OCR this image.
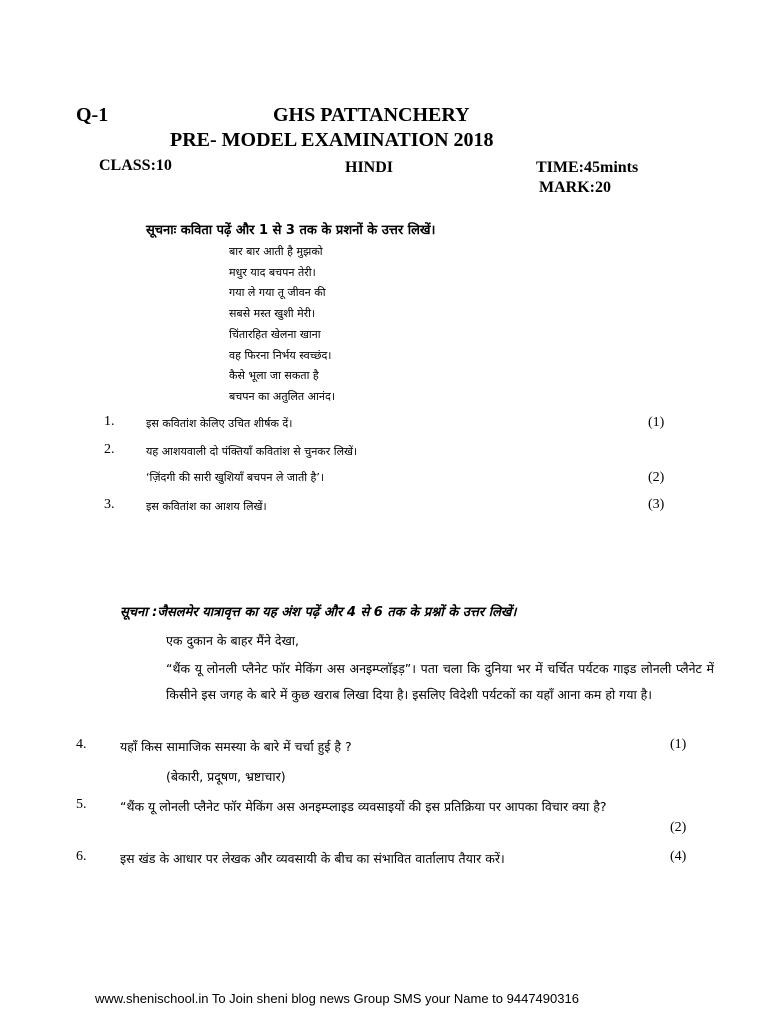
Q-1	GHS PATTANCHERY
PRE- MODEL EXAMINATION 2018
CLASS:10	HINDI	TIME:45mints
MARK:20
सूचनाः कविता पढ़ें और 1 से 3 तक के प्रशनों के उत्तर लिखें।
बार बार आती है मुझको
मधुर याद बचपन तेरी।
गया ले गया तू जीवन की
सबसे मस्त खुशी मेरी।
चिंतारहित खेलना खाना
वह फिरना निर्भय स्वच्छंद।
कैसे भूला जा सकता है
बचपन का अतुलित आनंद।
1.	इस कवितांश केलिए उचित शीर्षक दें।	(1)
2.	यह आशयवाली दो पंक्तियाँ कवितांश से चुनकर लिखें।
‘ज़िंदगी की सारी खुशियाँ बचपन ले जाती है’।	(2)
3.	इस कवितांश का आशय लिखें।	(3)
सूचना :जैसलमेर यात्रावृत्त का यह अंश पढ़ें और 4 से 6 तक के प्रश्नों के उत्तर लिखें।
एक दुकान के बाहर मैंने देखा,
“थैंक यू लोनली प्लैनेट फॉर मेकिंग अस अनइम्प्लाॅइड़”। पता चला कि दुनिया भर में चर्चित पर्यटक गाइड लोनली प्लैनेट में किसीने इस जगह के बारे में कुछ खराब लिखा दिया है। इसलिए विदेशी पर्यटकों का यहाँ आना कम हो गया है।
4.	यहाँ किस सामाजिक समस्या के बारे में चर्चा हुई है ?	(1)
(बेकारी, प्रदूषण, भ्रष्टाचार)
5.	“थैंक यू लोनली प्लैनेट फॉर मेकिंग अस अनइम्प्लाइड व्यवसाइयों की इस प्रतिक्रिया पर आपका विचार क्या है?
(2)
6.	इस खंड के आधार पर लेखक और व्यवसायी के बीच का संभावित वार्तालाप तैयार करें।	(4)
www.shenischool.in To Join sheni blog news Group SMS your Name to 9447490316
